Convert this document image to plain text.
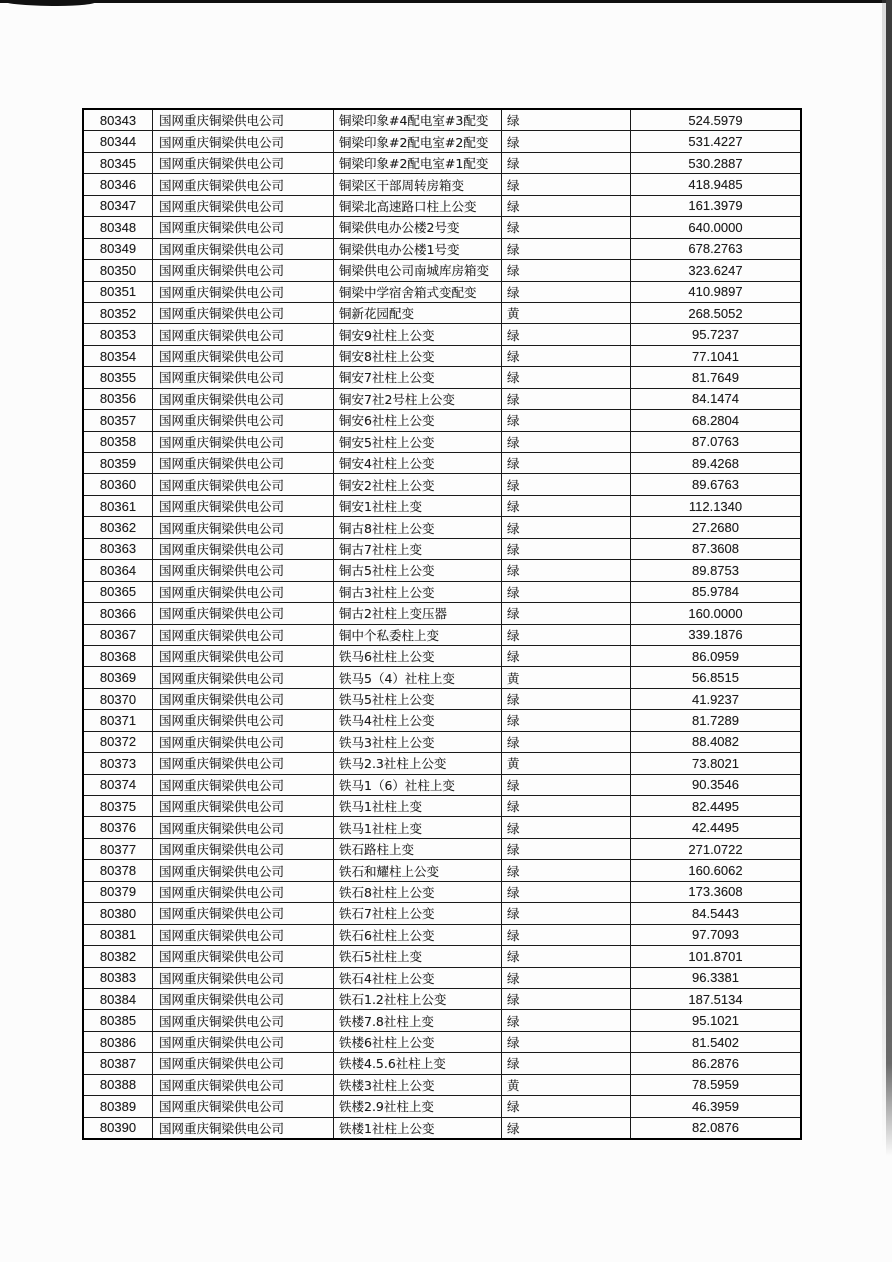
80343	国网重庆铜梁供电公司	铜梁印象#4配电室#3配变	绿	524.5979
80344	国网重庆铜梁供电公司	铜梁印象#2配电室#2配变	绿	531.4227
80345	国网重庆铜梁供电公司	铜梁印象#2配电室#1配变	绿	530.2887
80346	国网重庆铜梁供电公司	铜梁区干部周转房箱变	绿	418.9485
80347	国网重庆铜梁供电公司	铜梁北高速路口柱上公变	绿	161.3979
80348	国网重庆铜梁供电公司	铜梁供电办公楼2号变	绿	640.0000
80349	国网重庆铜梁供电公司	铜梁供电办公楼1号变	绿	678.2763
80350	国网重庆铜梁供电公司	铜梁供电公司南城库房箱变	绿	323.6247
80351	国网重庆铜梁供电公司	铜梁中学宿舍箱式变配变	绿	410.9897
80352	国网重庆铜梁供电公司	铜新花园配变	黄	268.5052
80353	国网重庆铜梁供电公司	铜安9社柱上公变	绿	95.7237
80354	国网重庆铜梁供电公司	铜安8社柱上公变	绿	77.1041
80355	国网重庆铜梁供电公司	铜安7社柱上公变	绿	81.7649
80356	国网重庆铜梁供电公司	铜安7社2号柱上公变	绿	84.1474
80357	国网重庆铜梁供电公司	铜安6社柱上公变	绿	68.2804
80358	国网重庆铜梁供电公司	铜安5社柱上公变	绿	87.0763
80359	国网重庆铜梁供电公司	铜安4社柱上公变	绿	89.4268
80360	国网重庆铜梁供电公司	铜安2社柱上公变	绿	89.6763
80361	国网重庆铜梁供电公司	铜安1社柱上变	绿	112.1340
80362	国网重庆铜梁供电公司	铜古8社柱上公变	绿	27.2680
80363	国网重庆铜梁供电公司	铜古7社柱上变	绿	87.3608
80364	国网重庆铜梁供电公司	铜古5社柱上公变	绿	89.8753
80365	国网重庆铜梁供电公司	铜古3社柱上公变	绿	85.9784
80366	国网重庆铜梁供电公司	铜古2社柱上变压器	绿	160.0000
80367	国网重庆铜梁供电公司	铜中个私委柱上变	绿	339.1876
80368	国网重庆铜梁供电公司	铁马6社柱上公变	绿	86.0959
80369	国网重庆铜梁供电公司	铁马5（4）社柱上变	黄	56.8515
80370	国网重庆铜梁供电公司	铁马5社柱上公变	绿	41.9237
80371	国网重庆铜梁供电公司	铁马4社柱上公变	绿	81.7289
80372	国网重庆铜梁供电公司	铁马3社柱上公变	绿	88.4082
80373	国网重庆铜梁供电公司	铁马2.3社柱上公变	黄	73.8021
80374	国网重庆铜梁供电公司	铁马1（6）社柱上变	绿	90.3546
80375	国网重庆铜梁供电公司	铁马1社柱上变	绿	82.4495
80376	国网重庆铜梁供电公司	铁马1社柱上变	绿	42.4495
80377	国网重庆铜梁供电公司	铁石路柱上变	绿	271.0722
80378	国网重庆铜梁供电公司	铁石和耀柱上公变	绿	160.6062
80379	国网重庆铜梁供电公司	铁石8社柱上公变	绿	173.3608
80380	国网重庆铜梁供电公司	铁石7社柱上公变	绿	84.5443
80381	国网重庆铜梁供电公司	铁石6社柱上公变	绿	97.7093
80382	国网重庆铜梁供电公司	铁石5社柱上变	绿	101.8701
80383	国网重庆铜梁供电公司	铁石4社柱上公变	绿	96.3381
80384	国网重庆铜梁供电公司	铁石1.2社柱上公变	绿	187.5134
80385	国网重庆铜梁供电公司	铁楼7.8社柱上变	绿	95.1021
80386	国网重庆铜梁供电公司	铁楼6社柱上公变	绿	81.5402
80387	国网重庆铜梁供电公司	铁楼4.5.6社柱上变	绿	86.2876
80388	国网重庆铜梁供电公司	铁楼3社柱上公变	黄	78.5959
80389	国网重庆铜梁供电公司	铁楼2.9社柱上变	绿	46.3959
80390	国网重庆铜梁供电公司	铁楼1社柱上公变	绿	82.0876
